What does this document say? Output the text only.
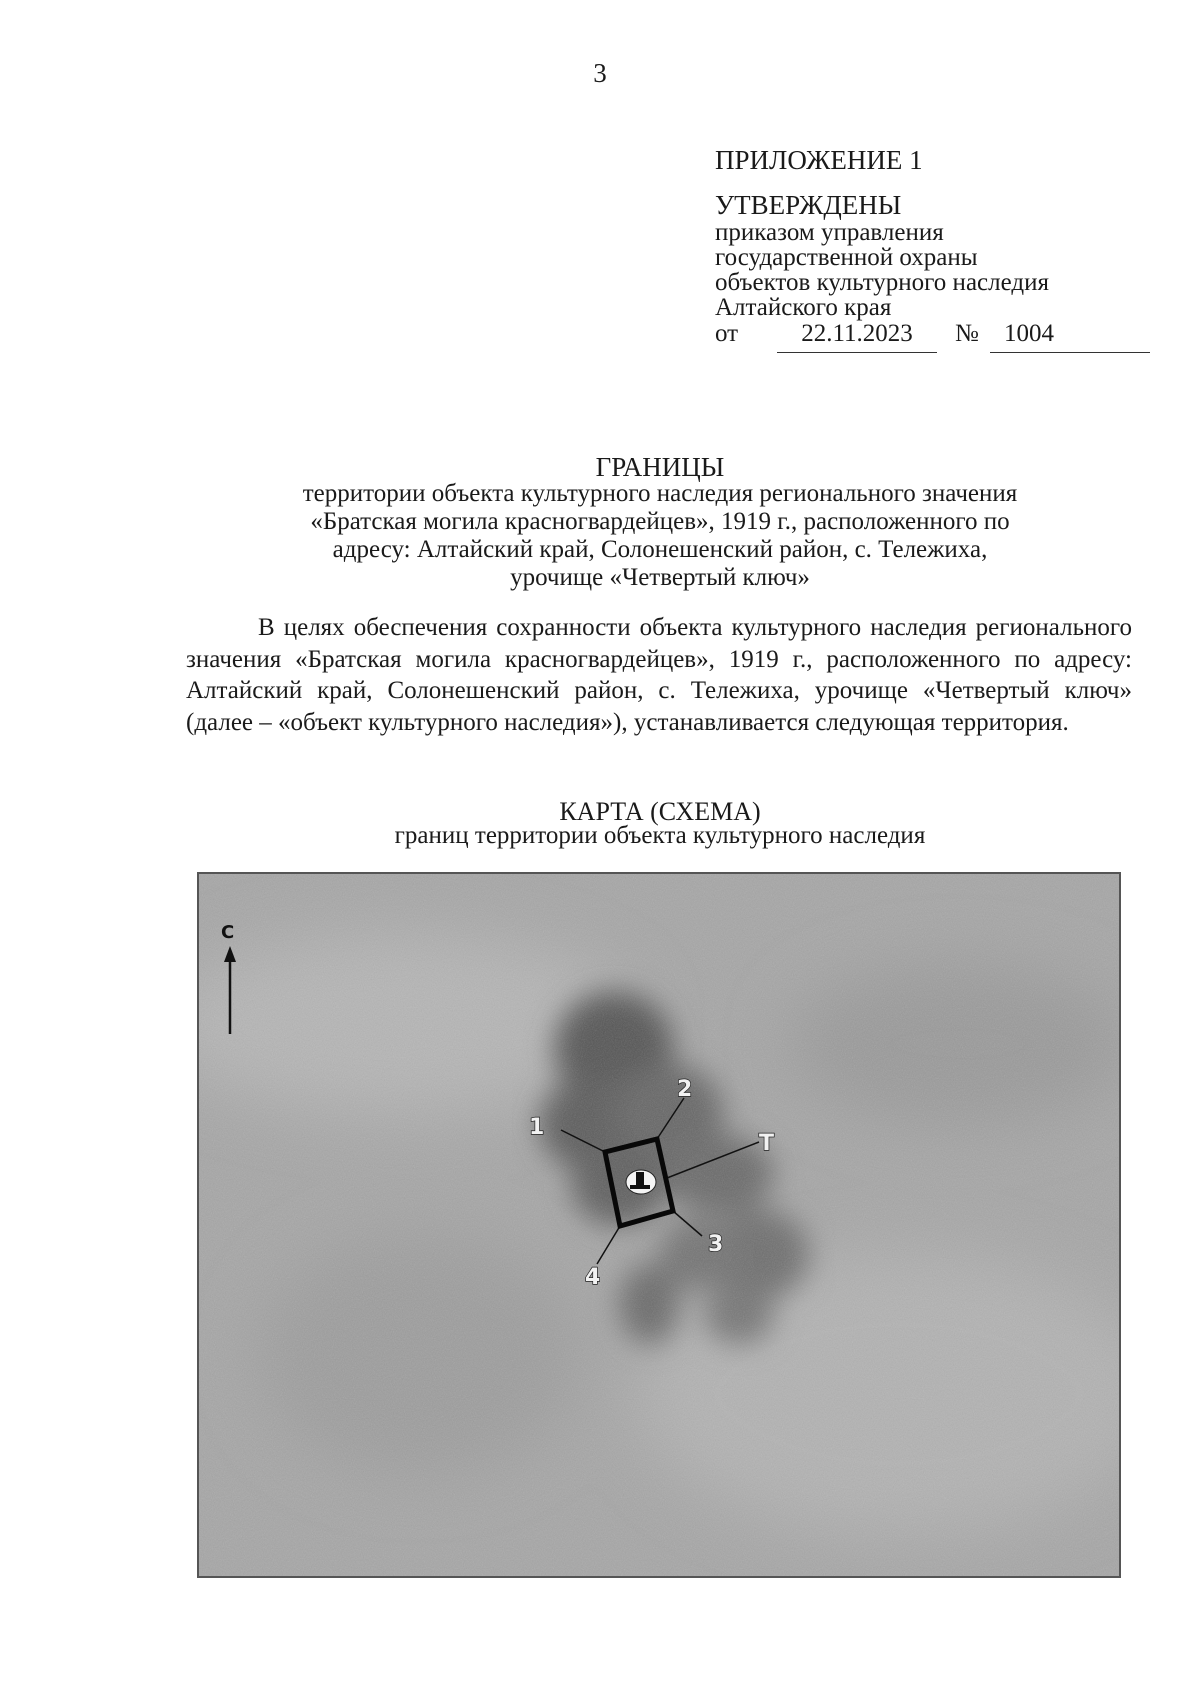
3
ПРИЛОЖЕНИЕ 1
УТВЕРЖДЕНЫ
приказом управления
государственной охраны
объектов культурного наследия
Алтайского края
от	22.11.2023	№	1004
ГРАНИЦЫ
территории объекта культурного наследия регионального значения
«Братская могила красногвардейцев», 1919 г., расположенного по
адресу: Алтайский край, Солонешенский район, с. Тележиха,
урочище «Четвертый ключ»
В целях обеспечения сохранности объекта культурного наследия регионального значения «Братская могила красногвардейцев», 1919 г., расположенного по адресу: Алтайский край, Солонешенский район, с. Тележиха, урочище «Четвертый ключ» (далее – «объект культурного наследия»), устанавливается следующая территория.
КАРТА (СХЕМА)
границ территории объекта культурного наследия
С
1
2
3
4
Т
